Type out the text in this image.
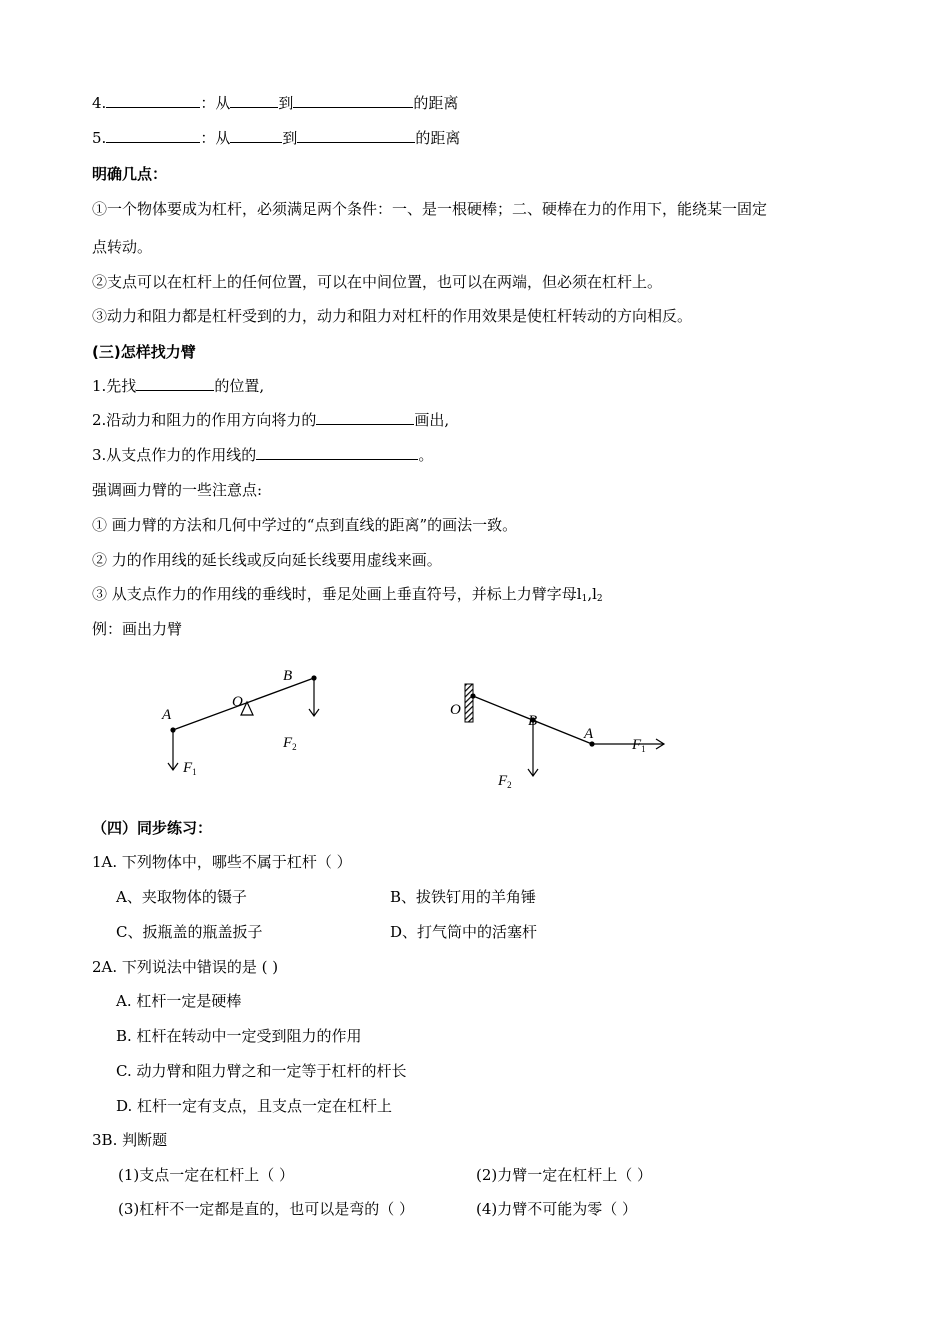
4.	：从	到	的距离
5.	：从	到	的距离
明确几点：
①一个物体要成为杠杆，必须满足两个条件：一、是一根硬棒；二、硬棒在力的作用下，能绕某一固定
点转动。
②支点可以在杠杆上的任何位置，可以在中间位置，也可以在两端，但必须在杠杆上。
③动力和阻力都是杠杆受到的力，动力和阻力对杠杆的作用效果是使杠杆转动的方向相反。
(三)怎样找力臂
1.先找	的位置,
2.沿动力和阻力的作用方向将力的	画出,
3.从支点作力的作用线的	。
强调画力臂的一些注意点:
① 画力臂的方法和几何中学过的“点到直线的距离”的画法一致。
② 力的作用线的延长线或反向延长线要用虚线来画。
③ 从支点作力的作用线的垂线时，垂足处画上垂直符号，并标上力臂字母$l_1,l_2$
例：画出力臂
A
O
B
$F_1$
$F_2$
O
B
A
$F_1$
$F_2$
（四）同步练习：
1A. 下列物体中，哪些不属于杠杆（ ）
A、夹取物体的镊子	B、拔铁钉用的羊角锤
C、扳瓶盖的瓶盖扳子	D、打气筒中的活塞杆
2A. 下列说法中错误的是 ( )
A. 杠杆一定是硬棒
B. 杠杆在转动中一定受到阻力的作用
C. 动力臂和阻力臂之和一定等于杠杆的杆长
D. 杠杆一定有支点，且支点一定在杠杆上
3B. 判断题
(1)支点一定在杠杆上（ ）	(2)力臂一定在杠杆上（ ）
(3)杠杆不一定都是直的，也可以是弯的（ ）	(4)力臂不可能为零（ ）
